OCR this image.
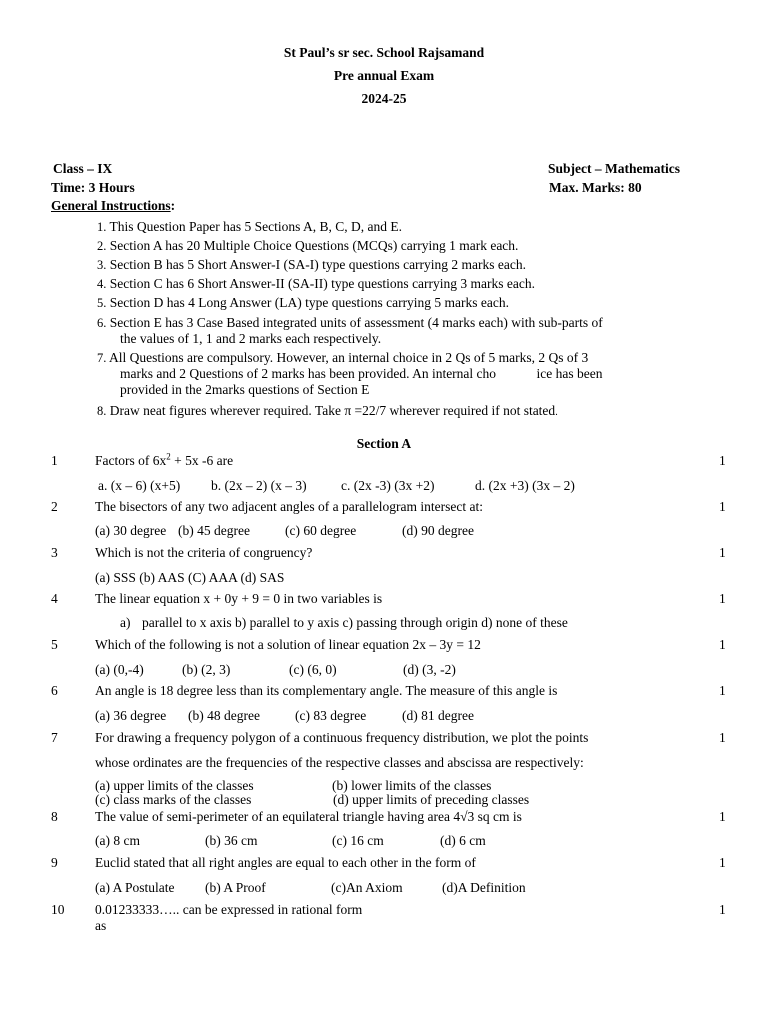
St Paul’s sr sec. School Rajsamand
Pre annual Exam
2024-25
Class – IX	Subject – Mathematics
Time: 3 Hours	Max. Marks: 80
General Instructions:
1. This Question Paper has 5 Sections A, B, C, D, and E.
2. Section A has 20 Multiple Choice Questions (MCQs) carrying 1 mark each.
3. Section B has 5 Short Answer-I (SA-I) type questions carrying 2 marks each.
4. Section C has 6 Short Answer-II (SA-II) type questions carrying 3 marks each.
5. Section D has 4 Long Answer (LA) type questions carrying 5 marks each.
6. Section E has 3 Case Based integrated units of assessment (4 marks each) with sub-parts of
the values of 1, 1 and 2 marks each respectively.
7. All Questions are compulsory. However, an internal choice in 2 Qs of 5 marks, 2 Qs of 3
marks and 2 Questions of 2 marks has been provided. An internal cho            ice has been
provided in the 2marks questions of Section E
8. Draw neat figures wherever required. Take π =22/7 wherever required if not stated.
Section A
1	Factors of $6x^2 + 5x$ -6 are	1
a. (x – 6) (x+5) b. (2x – 2) (x – 3)	c. (2x -3) (3x +2)	d. (2x +3) (3x – 2)
2	The bisectors of any two adjacent angles of a parallelogram intersect at:	1
(a) 30 degree (b) 45 degree	(c) 60 degree	(d) 90 degree
3	Which is not the criteria of congruency?	1
(a) SSS (b) AAS (C) AAA (d) SAS
4	The linear equation x + 0y + 9 = 0 in two variables is	1
a) parallel to x axis b) parallel to y axis c) passing through origin d) none of these
5	Which of the following is not a solution of linear equation 2x – 3y = 12	1
(a) (0,-4)	(b) (2, 3)	(c) (6, 0)	(d) (3, -2)
6	An angle is 18 degree less than its complementary angle. The measure of this angle is	1
(a) 36 degree (b) 48 degree	(c) 83 degree	(d) 81 degree
7	For drawing a frequency polygon of a continuous frequency distribution, we plot the points	1
whose ordinates are the frequencies of the respective classes and abscissa are respectively:
(a) upper limits of the classes	(b) lower limits of the classes
(c) class marks of the classes	(d) upper limits of preceding classes
8	The value of semi-perimeter of an equilateral triangle having area 4√3 sq cm is	1
(a) 8 cm	(b) 36 cm	(c) 16 cm	(d) 6 cm
9	Euclid stated that all right angles are equal to each other in the form of	1
(a) A Postulate (b) A Proof	(c)An Axiom	(d)A Definition
10 0.01233333….. can be expressed in rational form	1
as
